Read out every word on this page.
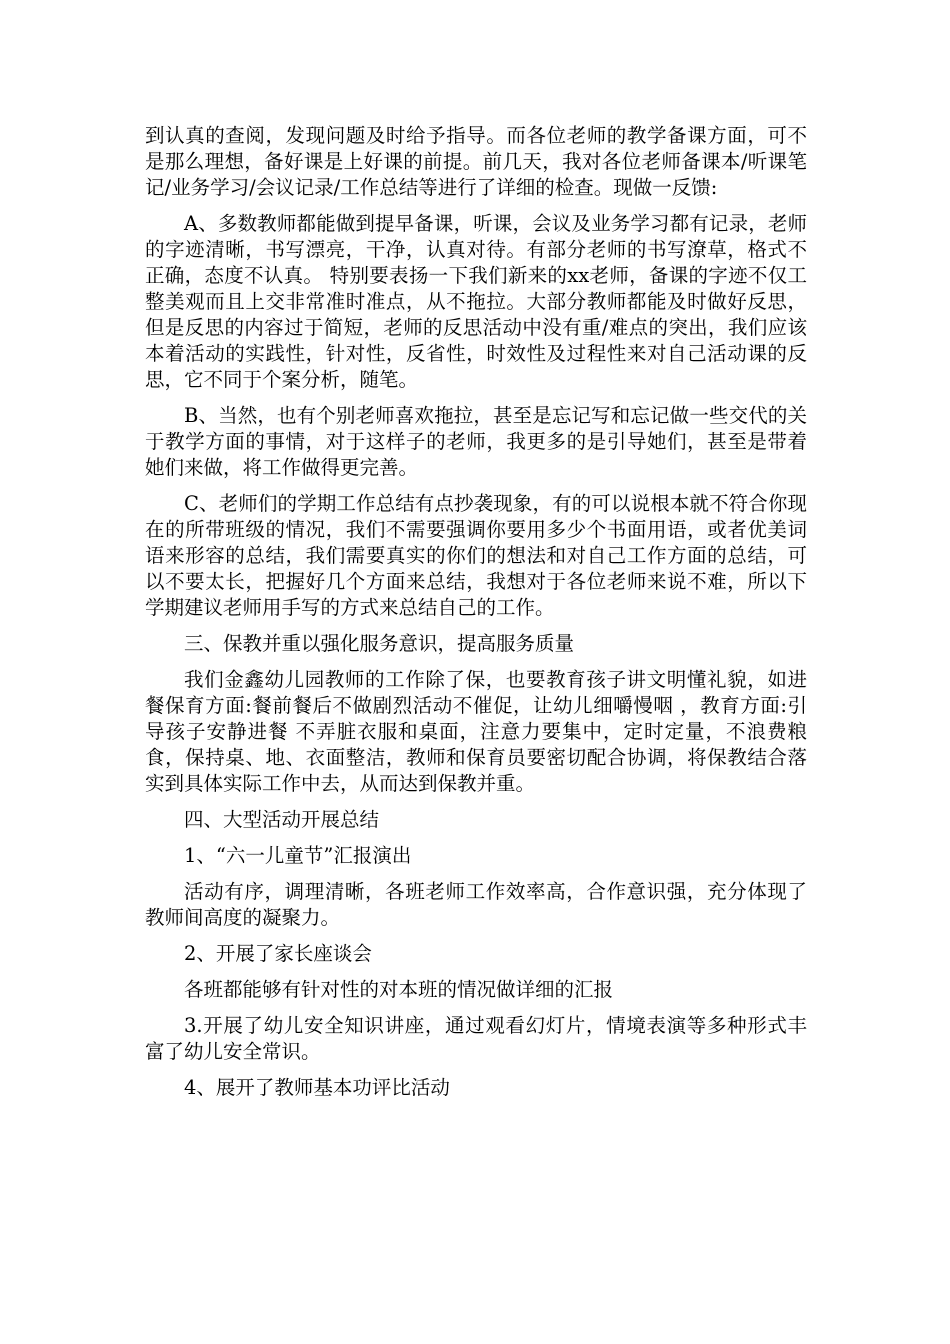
到认真的查阅，发现问题及时给予指导。而各位老师的教学备课方面，可不是那么理想，备好课是上好课的前提。前几天，我对各位老师备课本/听课笔记/业务学习/会议记录/工作总结等进行了详细的检查。现做一反馈:

A、多数教师都能做到提早备课，听课，会议及业务学习都有记录，老师的字迹清晰，书写漂亮，干净，认真对待。有部分老师的书写潦草，格式不正确，态度不认真。 特别要表扬一下我们新来的xx老师，备课的字迹不仅工整美观而且上交非常准时准点，从不拖拉。大部分教师都能及时做好反思，但是反思的内容过于简短，老师的反思活动中没有重/难点的突出，我们应该本着活动的实践性，针对性，反省性，时效性及过程性来对自己活动课的反思，它不同于个案分析，随笔。

B、当然，也有个别老师喜欢拖拉，甚至是忘记写和忘记做一些交代的关于教学方面的事情，对于这样子的老师，我更多的是引导她们，甚至是带着她们来做，将工作做得更完善。

C、老师们的学期工作总结有点抄袭现象，有的可以说根本就不符合你现在的所带班级的情况，我们不需要强调你要用多少个书面用语，或者优美词语来形容的总结，我们需要真实的你们的想法和对自己工作方面的总结，可以不要太长，把握好几个方面来总结，我想对于各位老师来说不难，所以下学期建议老师用手写的方式来总结自己的工作。

三、保教并重以强化服务意识，提高服务质量

我们金鑫幼儿园教师的工作除了保，也要教育孩子讲文明懂礼貌，如进餐保育方面:餐前餐后不做剧烈活动不催促，让幼儿细嚼慢咽 ，教育方面:引导孩子安静进餐 不弄脏衣服和桌面，注意力要集中，定时定量，不浪费粮食，保持桌、地、衣面整洁，教师和保育员要密切配合协调，将保教结合落实到具体实际工作中去，从而达到保教并重。

四、大型活动开展总结

1、“六一儿童节”汇报演出

活动有序，调理清晰，各班老师工作效率高，合作意识强，充分体现了教师间高度的凝聚力。

2、开展了家长座谈会

各班都能够有针对性的对本班的情况做详细的汇报

3.开展了幼儿安全知识讲座，通过观看幻灯片，情境表演等多种形式丰富了幼儿安全常识。

4、展开了教师基本功评比活动
